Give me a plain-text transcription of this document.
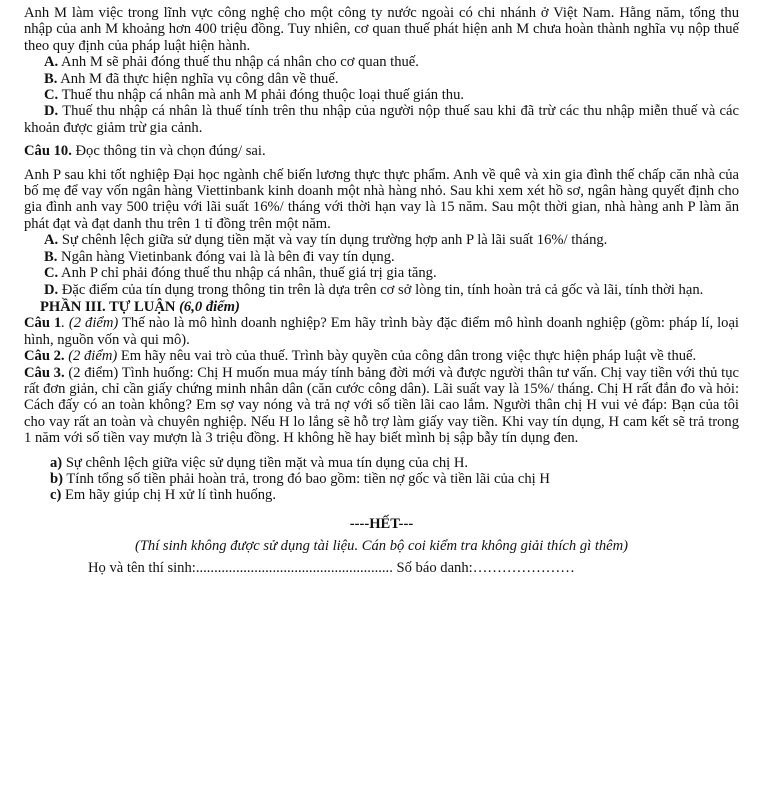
Anh M làm việc trong lĩnh vực công nghệ cho một công ty nước ngoài có chi nhánh ở Việt Nam. Hằng năm, tổng thu nhập của anh M khoảng hơn 400 triệu đồng. Tuy nhiên, cơ quan thuế phát hiện anh M chưa hoàn thành nghĩa vụ nộp thuế theo quy định của pháp luật hiện hành.

A. Anh M sẽ phải đóng thuế thu nhập cá nhân cho cơ quan thuế.

B. Anh M đã thực hiện nghĩa vụ công dân về thuế.

C. Thuế thu nhập cá nhân mà anh M phải đóng thuộc loại thuế gián thu.

D. Thuế thu nhập cá nhân là thuế tính trên thu nhập của người nộp thuế sau khi đã trừ các thu nhập miễn thuế và các khoản được giảm trừ gia cảnh.

Câu 10. Đọc thông tin và chọn đúng/ sai.

Anh P sau khi tốt nghiệp Đại học ngành chế biến lương thực thực phẩm. Anh về quê và xin gia đình thế chấp căn nhà của bố mẹ để vay vốn ngân hàng Viettinbank kinh doanh một nhà hàng nhỏ. Sau khi xem xét hồ sơ, ngân hàng quyết định cho gia đình anh vay 500 triệu với lãi suất 16%/ tháng với thời hạn vay là 15 năm. Sau một thời gian, nhà hàng anh P làm ăn phát đạt và đạt danh thu trên 1 tỉ đồng trên một năm.

A. Sự chênh lệch giữa sử dụng tiền mặt và vay tín dụng trường hợp anh P là lãi suất 16%/ tháng.

B. Ngân hàng Vietinbank đóng vai là là bên đi vay tín dụng.

C. Anh P chỉ phải đóng thuế thu nhập cá nhân, thuế giá trị gia tăng.

D. Đặc điểm của tín dụng trong thông tin trên là dựa trên cơ sở lòng tin, tính hoàn trả cả gốc và lãi, tính thời hạn.

PHẦN III. TỰ LUẬN (6,0 điểm)

Câu 1. (2 điểm) Thế nào là mô hình doanh nghiệp? Em hãy trình bày đặc điểm mô hình doanh nghiệp (gồm: pháp lí, loại hình, nguồn vốn và qui mô).

Câu 2. (2 điểm) Em hãy nêu vai trò của thuế. Trình bày quyền của công dân trong việc thực hiện pháp luật về thuế.

Câu 3. (2 điểm) Tình huống: Chị H muốn mua máy tính bảng đời mới và được người thân tư vấn. Chị vay tiền với thủ tục rất đơn giản, chỉ cần giấy chứng minh nhân dân (căn cước công dân). Lãi suất vay là 15%/ tháng. Chị H rất đắn đo và hỏi: Cách đấy có an toàn không? Em sợ vay nóng và trả nợ với số tiền lãi cao lắm. Người thân chị H vui vẻ đáp: Bạn của tôi cho vay rất an toàn và chuyên nghiệp. Nếu H lo lắng sẽ hỗ trợ làm giấy vay tiền. Khi vay tín dụng, H cam kết sẽ trả trong 1 năm với số tiền vay mượn là 3 triệu đồng. H không hề hay biết mình bị sập bẫy tín dụng đen.

a) Sự chênh lệch giữa việc sử dụng tiền mặt và mua tín dụng của chị H.

b) Tính tổng số tiền phải hoàn trả, trong đó bao gồm: tiền nợ gốc và tiền lãi của chị H

c) Em hãy giúp chị H xử lí tình huống.

----HẾT---

(Thí sinh không được sử dụng tài liệu. Cán bộ coi kiểm tra không giải thích gì thêm)

Họ và tên thí sinh:...................................................... Số báo danh:…………………
